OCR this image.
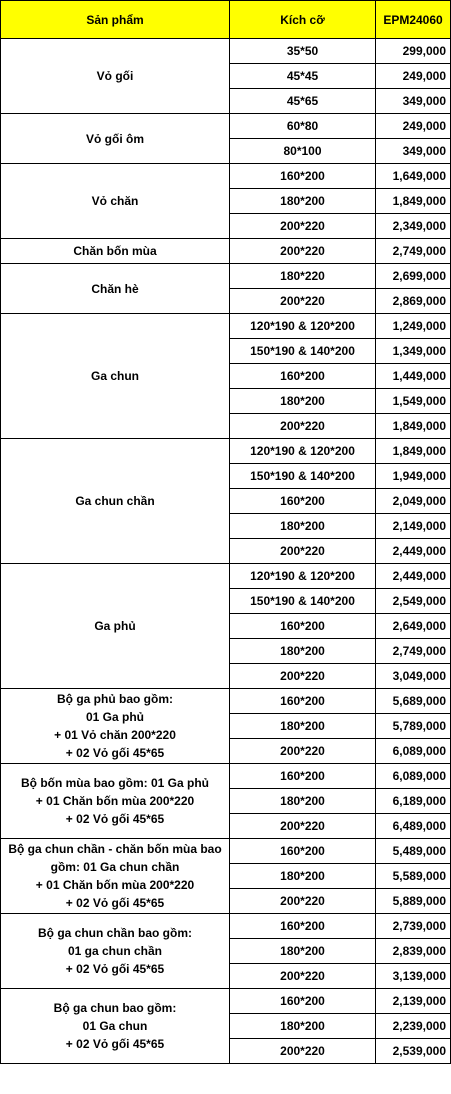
Sản phẩm	Kích cỡ	EPM24060

Vỏ gối	35*50	299,000
	45*45	249,000
	45*65	349,000

Vỏ gối ôm	60*80	249,000
	80*100	349,000

Vỏ chăn	160*200	1,649,000
	180*200	1,849,000
	200*220	2,349,000

Chăn bốn mùa	200*220	2,749,000

Chăn hè	180*220	2,699,000
	200*220	2,869,000

Ga chun	120*190 & 120*200	1,249,000
	150*190 & 140*200	1,349,000
	160*200	1,449,000
	180*200	1,549,000
	200*220	1,849,000

Ga chun chần	120*190 & 120*200	1,849,000
	150*190 & 140*200	1,949,000
	160*200	2,049,000
	180*200	2,149,000
	200*220	2,449,000

Ga phủ	120*190 & 120*200	2,449,000
	150*190 & 140*200	2,549,000
	160*200	2,649,000
	180*200	2,749,000
	200*220	3,049,000

Bộ ga phủ bao gồm:
01 Ga phủ
+ 01 Vỏ chăn 200*220
+ 02 Vỏ gối 45*65	160*200	5,689,000
	180*200	5,789,000
	200*220	6,089,000

Bộ bốn mùa bao gồm: 01 Ga phủ
+ 01 Chăn bốn mùa 200*220
+ 02 Vỏ gối 45*65	160*200	6,089,000
	180*200	6,189,000
	200*220	6,489,000

Bộ ga chun chần - chăn bốn mùa bao
gồm: 01 Ga chun chần
+ 01 Chăn bốn mùa 200*220
+ 02 Vỏ gối 45*65	160*200	5,489,000
	180*200	5,589,000
	200*220	5,889,000

Bộ ga chun chần bao gồm:
01 ga chun chần
+ 02 Vỏ gối 45*65	160*200	2,739,000
	180*200	2,839,000
	200*220	3,139,000

Bộ ga chun bao gồm:
01 Ga chun
+ 02 Vỏ gối 45*65	160*200	2,139,000
	180*200	2,239,000
	200*220	2,539,000
